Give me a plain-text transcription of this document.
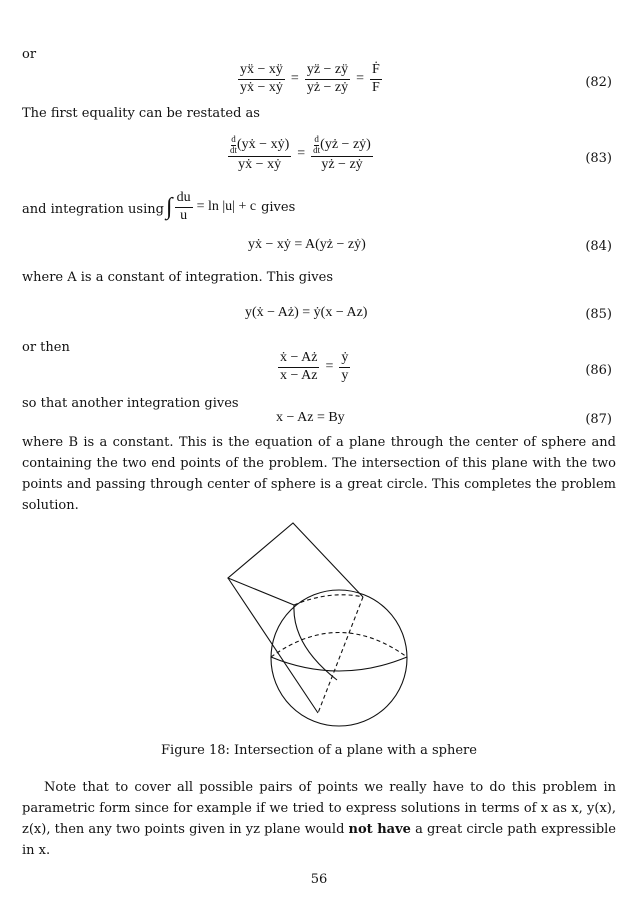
or
$\frac{\text{yẍ − xÿ}}{\text{yẋ − xẏ}} = \frac{yz̈ - zÿ}{\text{yż − zẏ}} = \frac{\text{Ḟ}}{F}$	(82)
The first equality can be restated as
$\frac{d}{dt}$ (yẋ − xẏ)
yẋ − xẏ
= $\frac{d}{dt}$ (yż − zẏ)
yż − zẏ	(83)
and integration using ∫ $\frac{du}{u} = \ln |u| + c$ gives
yẋ − xẏ = A(yż − zẏ)	(84)
where A is a constant of integration. This gives
y(ẋ − Aż) = ẏ(x − Az)	(85)
or then
$\frac{\text{ẋ − Aż}}{x - Az} = \frac{\text{ẏ}}{y}$	(86)
so that another integration gives
x − Az = By	(87)
where B is a constant. This is the equation of a plane through the center of sphere and containing the two end points of the problem. The intersection of this plane with the two points and passing through center of sphere is a great circle. This completes the problem solution.
Figure 18: Intersection of a plane with a sphere
Note that to cover all possible pairs of points we really have to do this problem in parametric form since for example if we tried to express solutions in terms of x as x, y(x), z(x), then any two points given in yz plane would not have a great circle path expressible in x.
56
